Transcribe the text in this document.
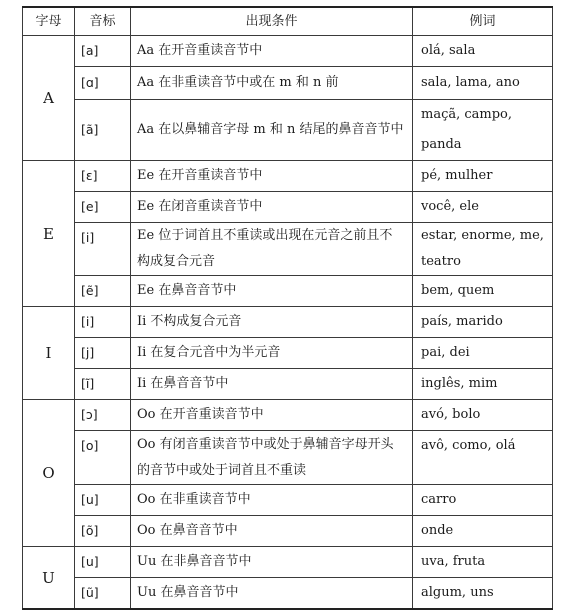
字母	音标	出现条件	例词
A	[a]	Aa 在开音重读音节中	olá, sala
	[ɑ]	Aa 在非重读音节中或在 m 和 n 前	sala, lama, ano
	[ã]	Aa 在以鼻辅音字母 m 和 n 结尾的鼻音音节中	maçã, campo, panda
E	[ɛ]	Ee 在开音重读音节中	pé, mulher
	[e]	Ee 在闭音重读音节中	você, ele
	[i]	Ee 位于词首且不重读或出现在元音之前且不构成复合元音	estar, enorme, me, teatro
	[ẽ]	Ee 在鼻音音节中	bem, quem
I	[i]	Ii 不构成复合元音	país, marido
	[j]	Ii 在复合元音中为半元音	pai, dei
	[ĩ]	Ii 在鼻音音节中	inglês, mim
O	[ɔ]	Oo 在开音重读音节中	avó, bolo
	[o]	Oo 有闭音重读音节中或处于鼻辅音字母开头的音节中或处于词首且不重读	avô, como, olá
	[u]	Oo 在非重读音节中	carro
	[õ]	Oo 在鼻音音节中	onde
U	[u]	Uu 在非鼻音音节中	uva, fruta
	[ũ]	Uu 在鼻音音节中	algum, uns
